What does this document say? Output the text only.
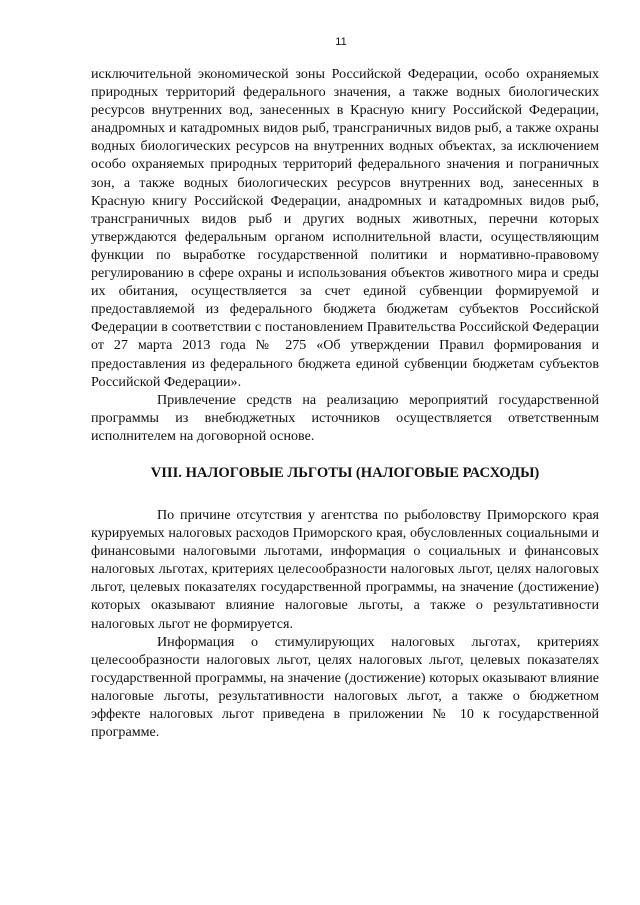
11

исключительной экономической зоны Российской Федерации, особо охраняемых природных территорий федерального значения, а также водных биологических ресурсов внутренних вод, занесенных в Красную книгу Российской Федерации, анадромных и катадромных видов рыб, трансграничных видов рыб, а также охраны водных биологических ресурсов на внутренних водных объектах, за исключением особо охраняемых природных территорий федерального значения и пограничных зон, а также водных биологических ресурсов внутренних вод, занесенных в Красную книгу Российской Федерации, анадромных и катадромных видов рыб, трансграничных видов рыб и других водных животных, перечни которых утверждаются федеральным органом исполнительной власти, осуществляющим функции по выработке государственной политики и нормативно-правовому регулированию в сфере охраны и использования объектов животного мира и среды их обитания, осуществляется за счет единой субвенции формируемой и предоставляемой из федерального бюджета бюджетам субъектов Российской Федерации в соответствии с постановлением Правительства Российской Федерации от 27 марта 2013 года № 275 «Об утверждении Правил формирования и предоставления из федерального бюджета единой субвенции бюджетам субъектов Российской Федерации».

Привлечение средств на реализацию мероприятий государственной программы из внебюджетных источников осуществляется ответственным исполнителем на договорной основе.

VIII. НАЛОГОВЫЕ ЛЬГОТЫ (НАЛОГОВЫЕ РАСХОДЫ)

По причине отсутствия у агентства по рыболовству Приморского края курируемых налоговых расходов Приморского края, обусловленных социальными и финансовыми налоговыми льготами, информация о социальных и финансовых налоговых льготах, критериях целесообразности налоговых льгот, целях налоговых льгот, целевых показателях государственной программы, на значение (достижение) которых оказывают влияние налоговые льготы, а также о результативности налоговых льгот не формируется.

Информация о стимулирующих налоговых льготах, критериях целесообразности налоговых льгот, целях налоговых льгот, целевых показателях государственной программы, на значение (достижение) которых оказывают влияние налоговые льготы, результативности налоговых льгот, а также о бюджетном эффекте налоговых льгот приведена в приложении № 10 к государственной программе.
